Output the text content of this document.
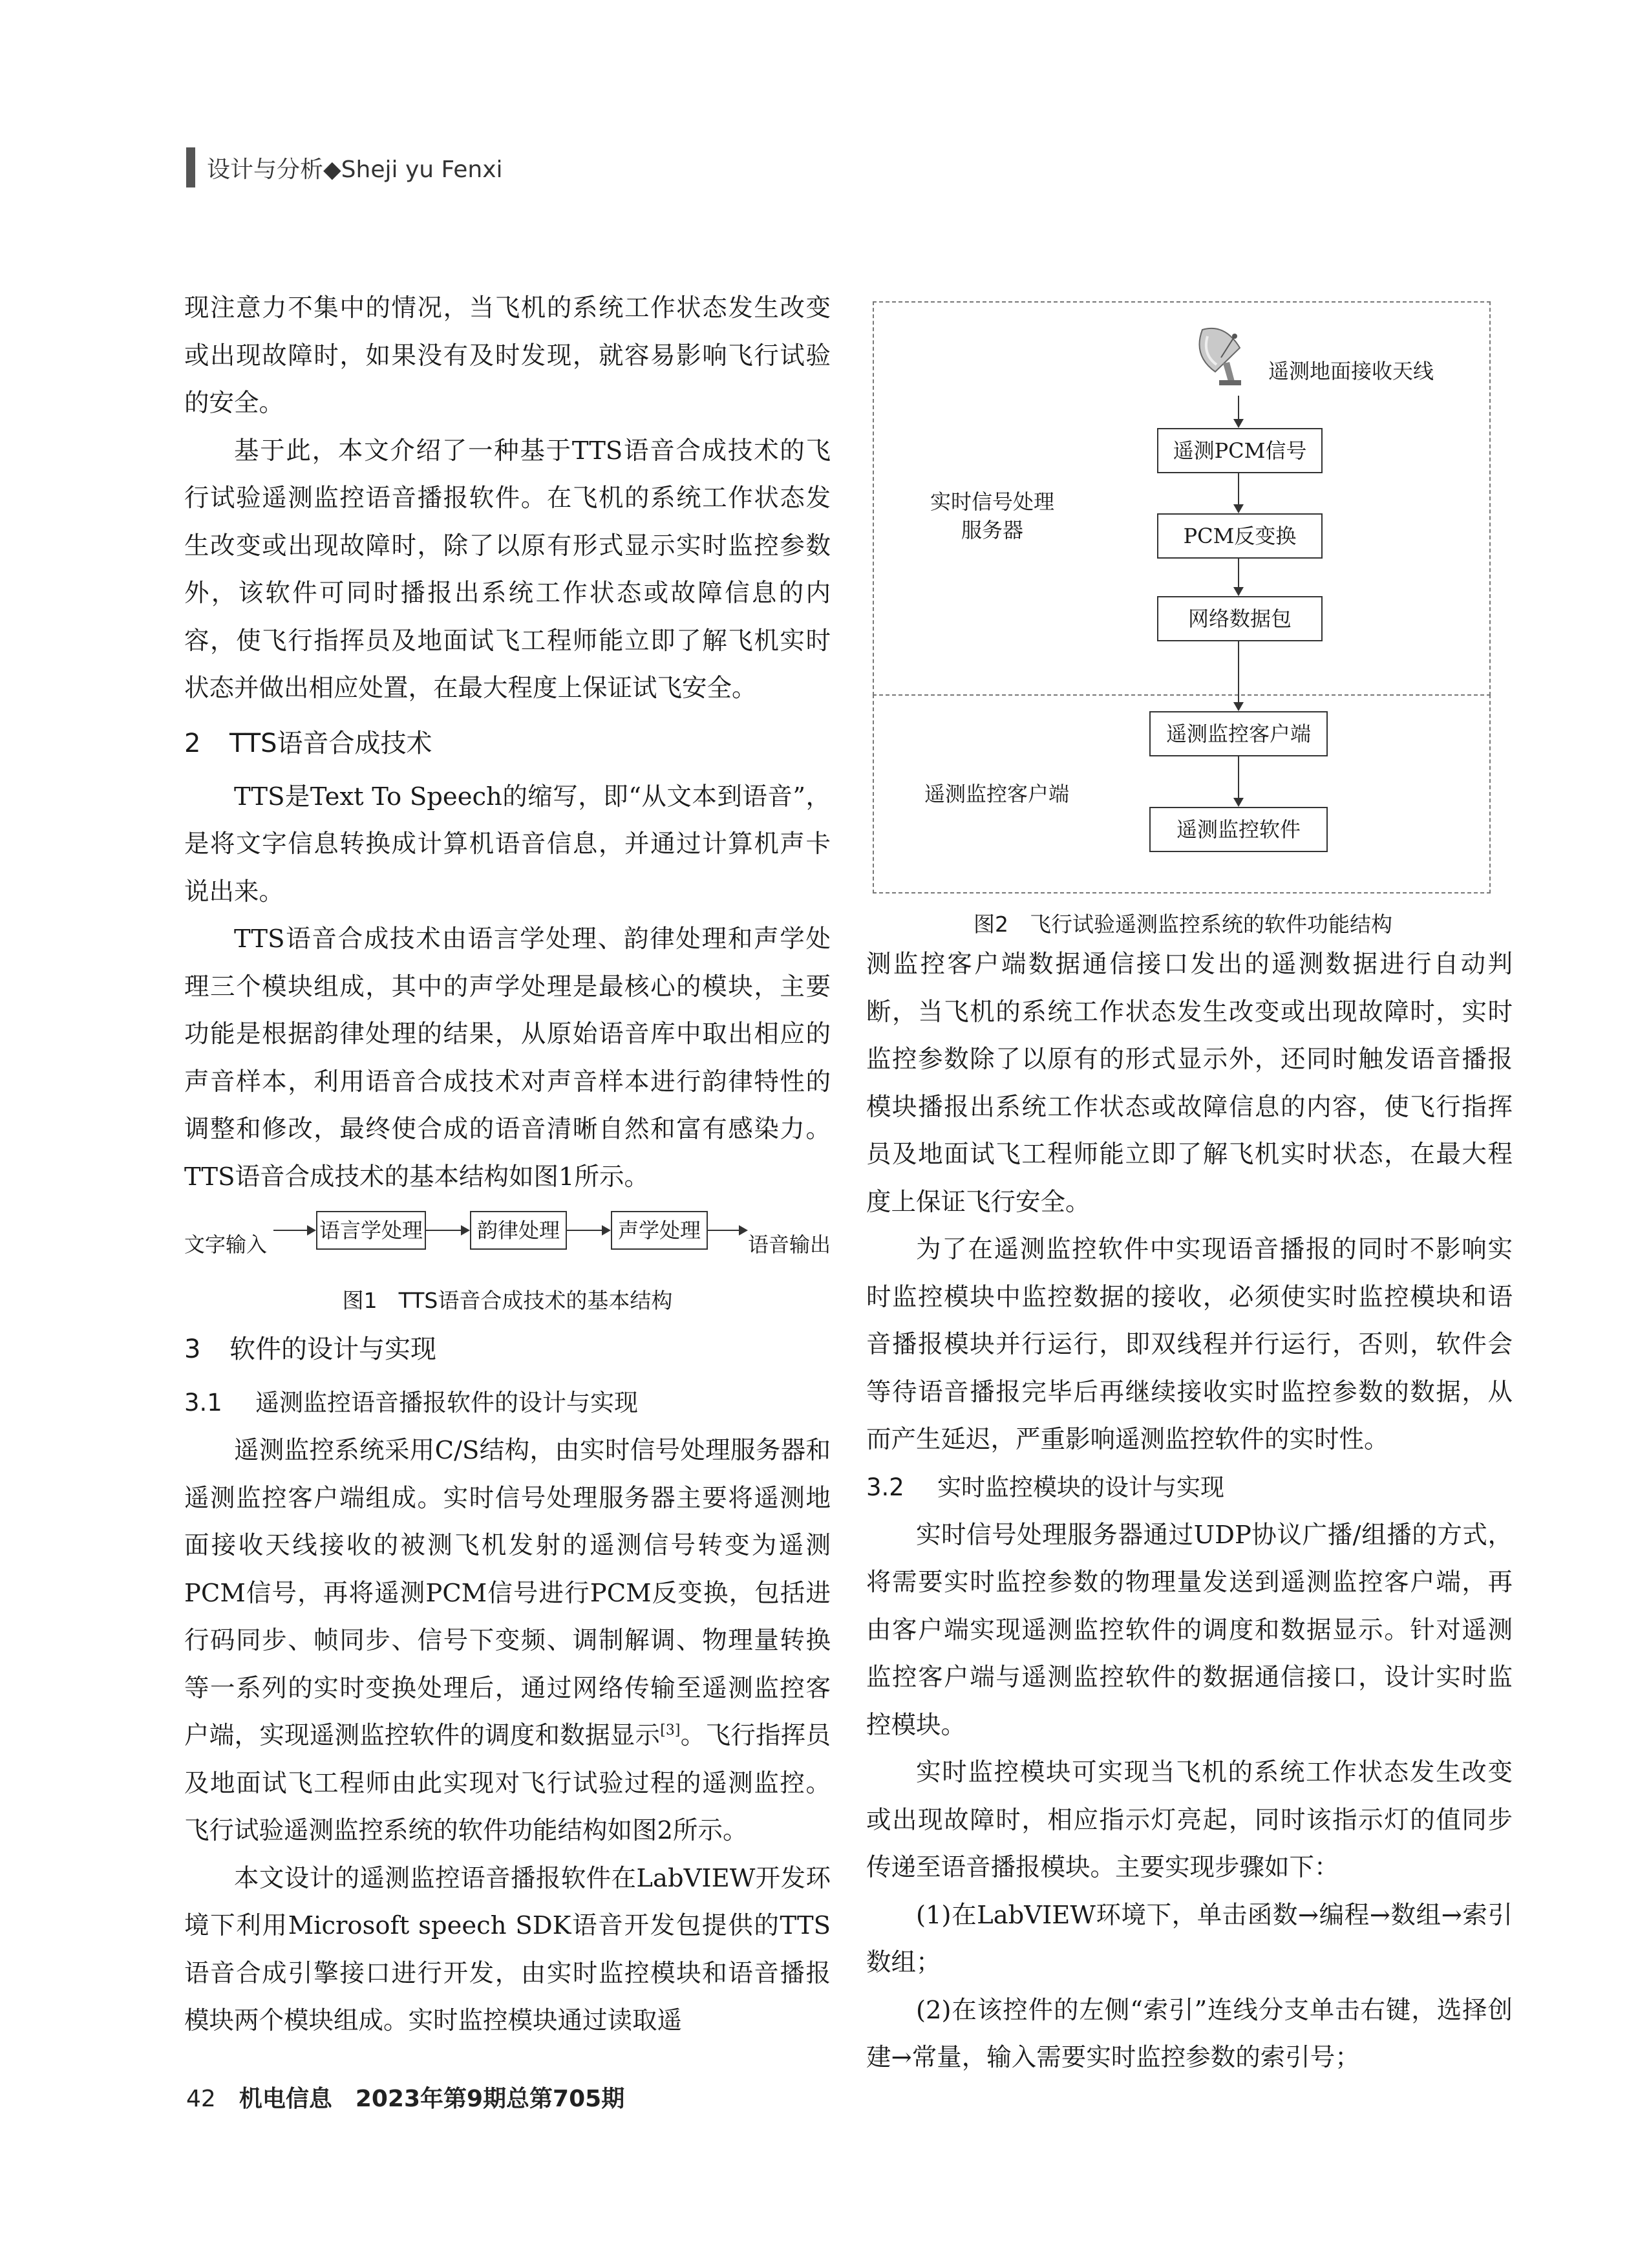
设计与分析◆Sheji yu Fenxi

现注意力不集中的情况，当飞机的系统工作状态发生改变或出现故障时，如果没有及时发现，就容易影响飞行试验的安全。

基于此，本文介绍了一种基于TTS语音合成技术的飞行试验遥测监控语音播报软件。在飞机的系统工作状态发生改变或出现故障时，除了以原有形式显示实时监控参数外，该软件可同时播报出系统工作状态或故障信息的内容，使飞行指挥员及地面试飞工程师能立即了解飞机实时状态并做出相应处置，在最大程度上保证试飞安全。

2 TTS语音合成技术

TTS是Text To Speech的缩写，即“从文本到语音”，是将文字信息转换成计算机语音信息，并通过计算机声卡说出来。

TTS语音合成技术由语言学处理、韵律处理和声学处理三个模块组成，其中的声学处理是最核心的模块，主要功能是根据韵律处理的结果，从原始语音库中取出相应的声音样本，利用语音合成技术对声音样本进行韵律特性的调整和修改，最终使合成的语音清晰自然和富有感染力。TTS语音合成技术的基本结构如图1所示。

文字输入
语言学处理	韵律处理	声学处理
语音输出
图1　TTS语音合成技术的基本结构
3 软件的设计与实现
3.1 遥测监控语音播报软件的设计与实现

遥测监控系统采用C/S结构，由实时信号处理服务器和遥测监控客户端组成。实时信号处理服务器主要将遥测地面接收天线接收的被测飞机发射的遥测信号转变为遥测PCM信号，再将遥测PCM信号进行PCM反变换，包括进行码同步、帧同步、信号下变频、调制解调、物理量转换等一系列的实时变换处理后，通过网络传输至遥测监控客户端，实现遥测监控软件的调度和数据显示[3]。飞行指挥员及地面试飞工程师由此实现对飞行试验过程的遥测监控。飞行试验遥测监控系统的软件功能结构如图2所示。

本文设计的遥测监控语音播报软件在LabVIEW开发环境下利用Microsoft speech SDK语音开发包提供的TTS语音合成引擎接口进行开发，由实时监控模块和语音播报模块两个模块组成。实时监控模块通过读取遥

遥测地面接收天线
遥测PCM信号
PCM反变换
网络数据包
实时信号处理
服务器
遥测监控客户端
遥测监控软件
遥测监控客户端
图2　飞行试验遥测监控系统的软件功能结构

测监控客户端数据通信接口发出的遥测数据进行自动判断，当飞机的系统工作状态发生改变或出现故障时，实时监控参数除了以原有的形式显示外，还同时触发语音播报模块播报出系统工作状态或故障信息的内容，使飞行指挥员及地面试飞工程师能立即了解飞机实时状态，在最大程度上保证飞行安全。

为了在遥测监控软件中实现语音播报的同时不影响实时监控模块中监控数据的接收，必须使实时监控模块和语音播报模块并行运行，即双线程并行运行，否则，软件会等待语音播报完毕后再继续接收实时监控参数的数据，从而产生延迟，严重影响遥测监控软件的实时性。

3.2 实时监控模块的设计与实现

实时信号处理服务器通过UDP协议广播/组播的方式，将需要实时监控参数的物理量发送到遥测监控客户端，再由客户端实现遥测监控软件的调度和数据显示。针对遥测监控客户端与遥测监控软件的数据通信接口，设计实时监控模块。

实时监控模块可实现当飞机的系统工作状态发生改变或出现故障时，相应指示灯亮起，同时该指示灯的值同步传递至语音播报模块。主要实现步骤如下：

(1)在LabVIEW环境下，单击函数→编程→数组→索引数组；

(2)在该控件的左侧“索引”连线分支单击右键，选择创建→常量，输入需要实时监控参数的索引号；

42 机电信息　2023年第9期总第705期
